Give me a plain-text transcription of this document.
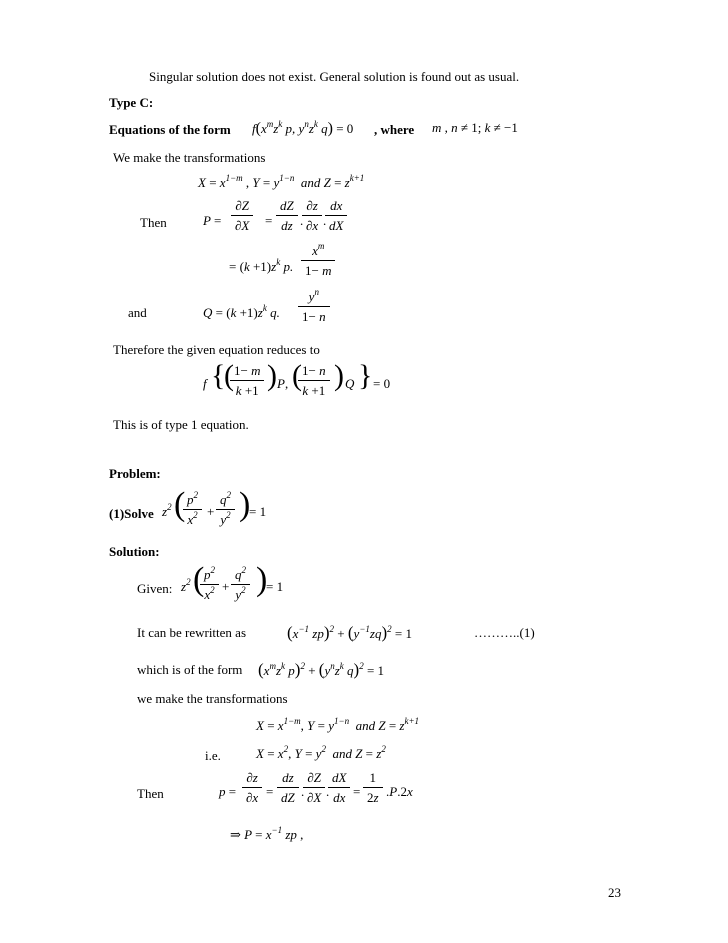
Singular solution does not exist. General solution is found out as usual.
Type C:
Equations of the form $f(x^mz^k$ p, $y^nz^k$ q) = 0 , where m , n ≠ 1; k ≠ −1
We make the transformations
$X = x^{1-m}$ , $Y = y^{1-n}$  and $Z = z^{k+1}$
Then	$P = \frac{\partial Z}{\partial X} = \frac{dZ}{dz}$ . $\frac{\partial z}{\partial x}$ . $\frac{dx}{dX}$
= $(k +1)z^k$ p. $\frac{x^m}{1- m}$
and	$Q = (k +1)z^k$ q. $\frac{y^n}{1- n}$
Therefore the given equation reduces to
f {
(
$\frac{1- m}{k +1}$ ) P, (
$\frac{1- n}{k +1}$ ) Q } = 0
This is of type 1 equation.
Problem:
(1)Solve $z^2$ ( $\frac{p^2}{x^2} + \frac{q^2}{y^2}$ )
= 1
Solution:
Given: $z^2$ (
$\frac{p^2}{x^2} + \frac{q^2}{y^2}$ )
= 1
It can be rewritten as ($x^{-1}$ $zp)^2 + (y^{-1}zq)^2 = 1$	………..(1)
which is of the form ($x^mz^k$ $p)^2 + (y^nz^k$ q)$^2$ = 1
we make the transformations
$X = x^{1-m}$, $Y = y^{1-n}$  and $Z = z^{k+1}$
i.e.	$X = x^2$, $Y = y^2$  and $Z = z^2$
Then	$p = \frac{\partial z}{\partial x} = \frac{dz}{dZ}$ . $\frac{\partial Z}{\partial X}$ . $\frac{dX}{dx} = \frac{1}{2z} .P.2x$
⇒ $P = x^{-1}$ zp ,
23
